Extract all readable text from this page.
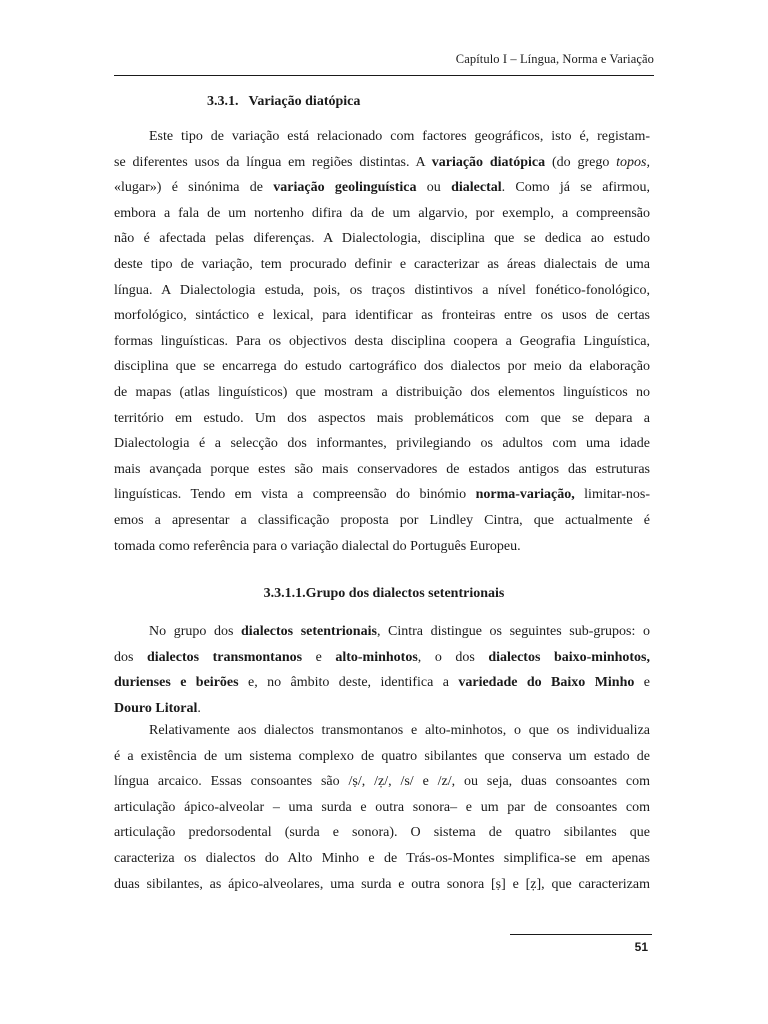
Capítulo I – Língua, Norma e Variação
3.3.1. Variação diatópica
Este tipo de variação está relacionado com factores geográficos, isto é, registam-
se diferentes usos da língua em regiões distintas. A variação diatópica (do grego topos,
«lugar») é sinónima de variação geolinguística ou dialectal. Como já se afirmou,
embora a fala de um nortenho difira da de um algarvio, por exemplo, a compreensão
não é afectada pelas diferenças. A Dialectologia, disciplina que se dedica ao estudo
deste tipo de variação, tem procurado definir e caracterizar as áreas dialectais de uma
língua. A Dialectologia estuda, pois, os traços distintivos a nível fonético-fonológico,
morfológico, sintáctico e lexical, para identificar as fronteiras entre os usos de certas
formas linguísticas. Para os objectivos desta disciplina coopera a Geografia Linguística,
disciplina que se encarrega do estudo cartográfico dos dialectos por meio da elaboração
de mapas (atlas linguísticos) que mostram a distribuição dos elementos linguísticos no
território em estudo. Um dos aspectos mais problemáticos com que se depara a
Dialectologia é a selecção dos informantes, privilegiando os adultos com uma idade
mais avançada porque estes são mais conservadores de estados antigos das estruturas
linguísticas. Tendo em vista a compreensão do binómio norma-variação, limitar-nos-
emos a apresentar a classificação proposta por Lindley Cintra, que actualmente é
tomada como referência para o variação dialectal do Português Europeu.
3.3.1.1.Grupo dos dialectos setentrionais
No grupo dos dialectos setentrionais, Cintra distingue os seguintes sub-grupos: o
dos dialectos transmontanos e alto-minhotos, o dos dialectos baixo-minhotos,
durienses e beirões e, no âmbito deste, identifica a variedade do Baixo Minho e
Douro Litoral.
Relativamente aos dialectos transmontanos e alto-minhotos, o que os individualiza
é a existência de um sistema complexo de quatro sibilantes que conserva um estado de
língua arcaico. Essas consoantes são /ṣ/, /ẓ/, /s/ e /z/, ou seja, duas consoantes com
articulação ápico-alveolar – uma surda e outra sonora– e um par de consoantes com
articulação predorsodental (surda e sonora). O sistema de quatro sibilantes que
caracteriza os dialectos do Alto Minho e de Trás-os-Montes simplifica-se em apenas
duas sibilantes, as ápico-alveolares, uma surda e outra sonora [ṣ] e [ẓ], que caracterizam
51
